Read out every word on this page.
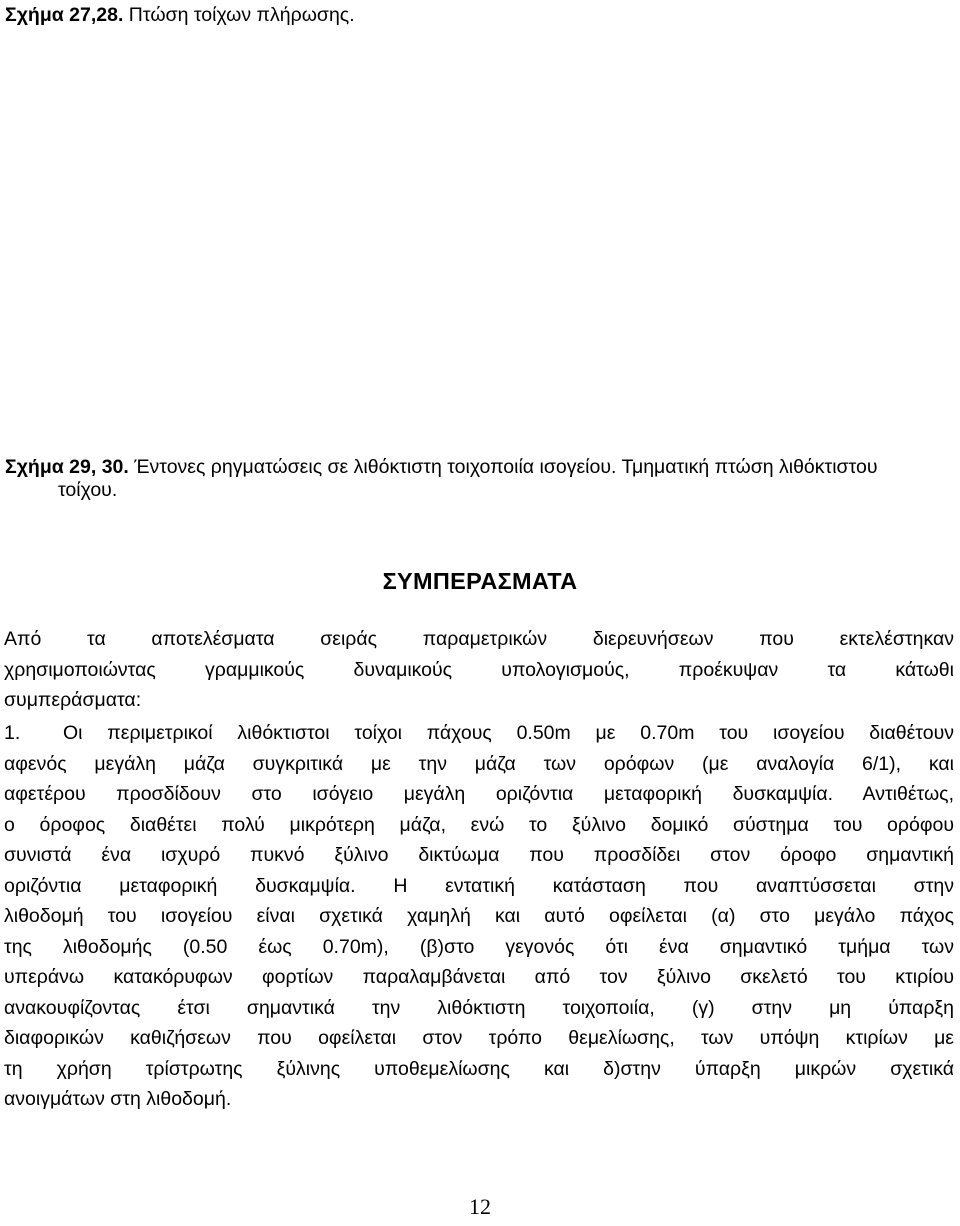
Σχήμα 27,28. Πτώση τοίχων πλήρωσης.
Σχήμα 29, 30. Έντονες ρηγματώσεις σε λιθόκτιστη τοιχοποιία ισογείου. Τμηματική πτώση λιθόκτιστου
τοίχου.
ΣΥΜΠΕΡΑΣΜΑΤΑ
Από τα αποτελέσματα σειράς παραμετρικών διερευνήσεων που εκτελέστηκαν
χρησιμοποιώντας γραμμικούς δυναμικούς υπολογισμούς, προέκυψαν τα κάτωθι
συμπεράσματα:
1. Οι περιμετρικοί λιθόκτιστοι τοίχοι πάχους 0.50m με 0.70m του ισογείου διαθέτουν
αφενός μεγάλη μάζα συγκριτικά με την μάζα των ορόφων (με αναλογία 6/1), και
αφετέρου προσδίδουν στο ισόγειο μεγάλη οριζόντια μεταφορική δυσκαμψία. Αντιθέτως,
ο όροφος διαθέτει πολύ μικρότερη μάζα, ενώ το ξύλινο δομικό σύστημα του ορόφου
συνιστά ένα ισχυρό πυκνό ξύλινο δικτύωμα που προσδίδει στον όροφο σημαντική
οριζόντια μεταφορική δυσκαμψία. Η εντατική κατάσταση που αναπτύσσεται στην
λιθοδομή του ισογείου είναι σχετικά χαμηλή και αυτό οφείλεται (α) στο μεγάλο πάχος
της λιθοδομής (0.50 έως 0.70m), (β)στο γεγονός ότι ένα σημαντικό τμήμα των
υπεράνω κατακόρυφων φορτίων παραλαμβάνεται από τον ξύλινο σκελετό του κτιρίου
ανακουφίζοντας έτσι σημαντικά την λιθόκτιστη τοιχοποιία, (γ) στην μη ύπαρξη
διαφορικών καθιζήσεων που οφείλεται στον τρόπο θεμελίωσης, των υπόψη κτιρίων με
τη χρήση τρίστρωτης ξύλινης υποθεμελίωσης και δ)στην ύπαρξη μικρών σχετικά
ανοιγμάτων στη λιθοδομή.
12
